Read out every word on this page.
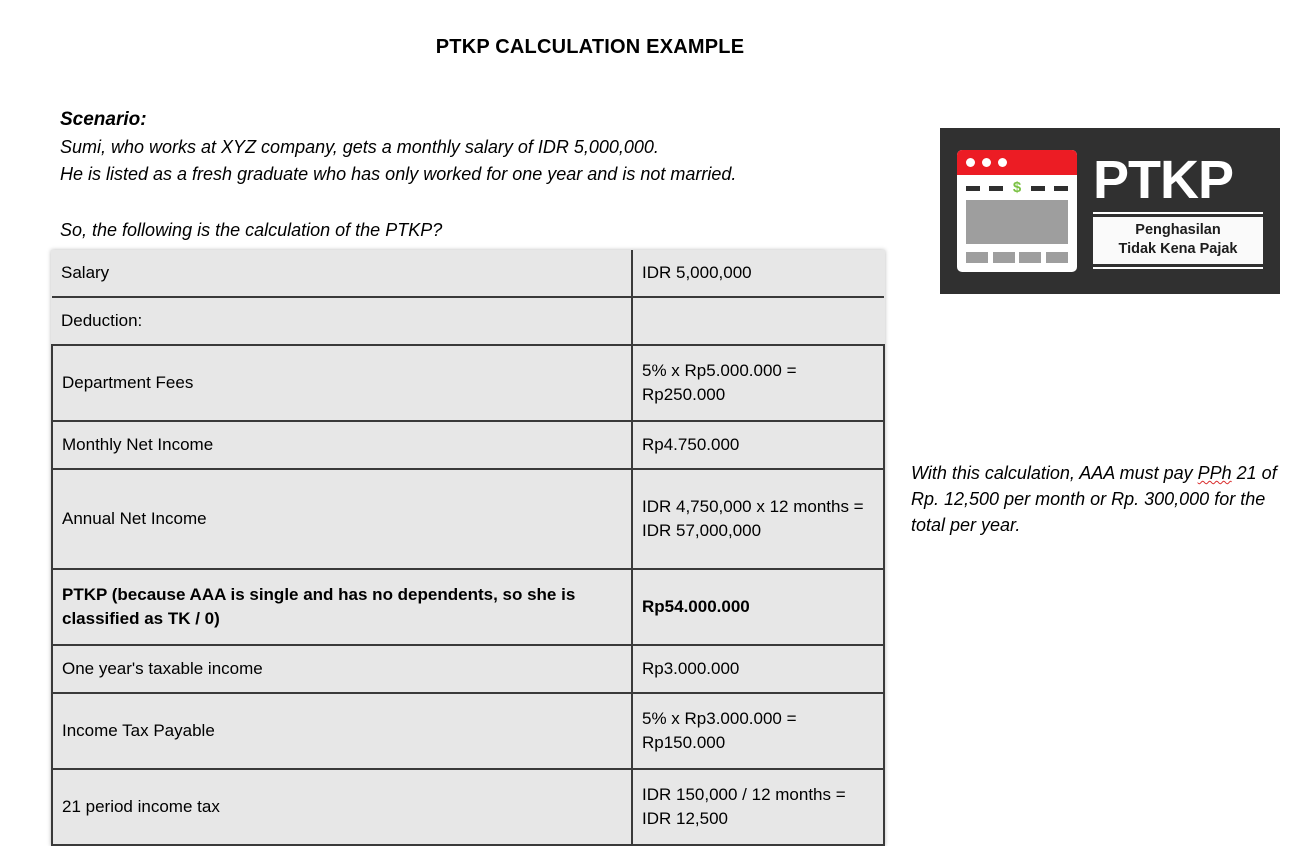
PTKP CALCULATION EXAMPLE
Scenario:
Sumi, who works at XYZ company, gets a monthly salary of IDR 5,000,000.
He is listed as a fresh graduate who has only worked for one year and is not married.
So, the following is the calculation of the PTKP?
Salary	IDR 5,000,000
Deduction:	
Department Fees	5% x Rp5.000.000 = Rp250.000
Monthly Net Income	Rp4.750.000
Annual Net Income	IDR 4,750,000 x 12 months = IDR 57,000,000
PTKP (because AAA is single and has no dependents, so she is classified as TK / 0)	Rp54.000.000
One year's taxable income	Rp3.000.000
Income Tax Payable	5% x Rp3.000.000 = Rp150.000
21 period income tax	IDR 150,000 / 12 months = IDR 12,500
$ PTKP
Penghasilan
Tidak Kena Pajak
With this calculation, AAA must pay PPh 21 of Rp. 12,500 per month or Rp. 300,000 for the total per year.
